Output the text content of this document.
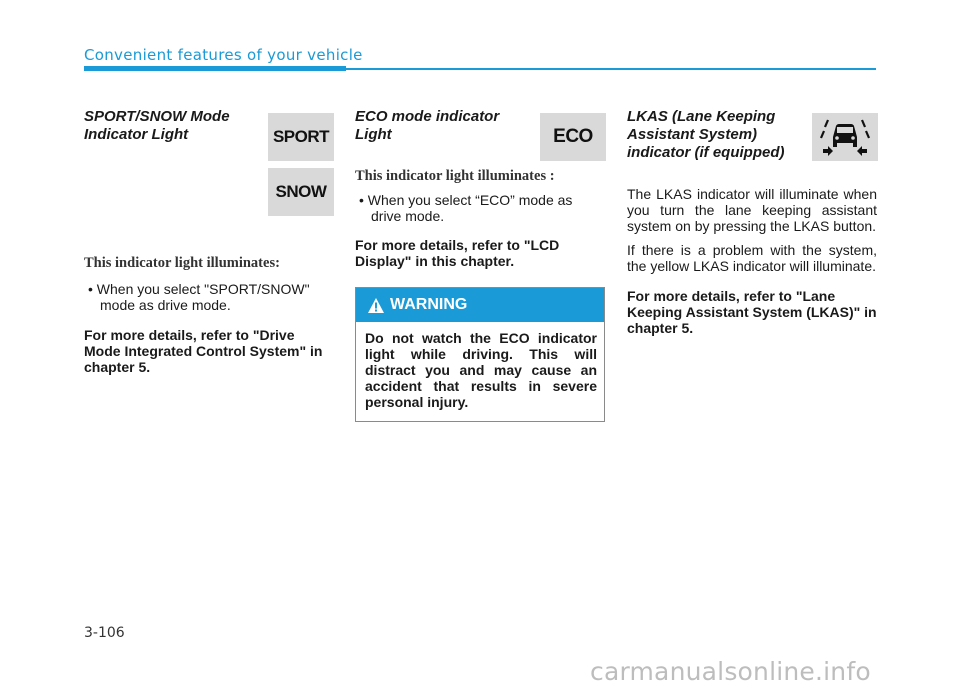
Convenient features of your vehicle

SPORT/SNOW Mode
Indicator Light

This indicator light illuminates:

• When you select "SPORT/SNOW" mode as drive mode.

For more details, refer to "Drive Mode Integrated Control System" in chapter 5.

SPORT
SNOW

ECO mode indicator
Light

This indicator light illuminates :

• When you select “ECO” mode as drive mode.

For more details, refer to "LCD Display" in this chapter.

ECO
WARNING
Do not watch the ECO indicator light while driving. This will distract you and may cause an accident that results in severe personal injury.

LKAS (Lane Keeping
Assistant System)
indicator (if equipped)

The LKAS indicator will illuminate when you turn the lane keeping assistant system on by pressing the LKAS button.

If there is a problem with the system, the yellow LKAS indicator will illuminate.

For more details, refer to "Lane Keeping Assistant System (LKAS)" in chapter 5.

3-106
carmanualsonline.info
